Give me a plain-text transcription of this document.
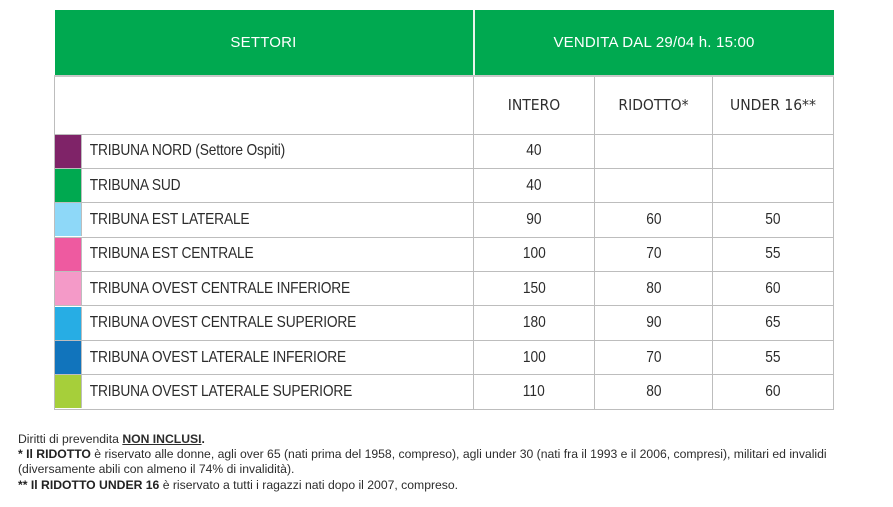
SETTORI	VENDITA DAL 29/04 h. 15:00		
	INTERO	RIDOTTO*	UNDER 16**

TRIBUNA NORD (Settore Ospiti)	40		

TRIBUNA SUD	40		

TRIBUNA EST LATERALE	90	60	50

TRIBUNA EST CENTRALE	100	70	55

TRIBUNA OVEST CENTRALE INFERIORE	150	80	60

TRIBUNA OVEST CENTRALE SUPERIORE	180	90	65

TRIBUNA OVEST LATERALE INFERIORE	100	70	55

TRIBUNA OVEST LATERALE SUPERIORE	110	80	60
Diritti di prevendita NON INCLUSI.
* Il RIDOTTO è riservato alle donne, agli over 65 (nati prima del 1958, compreso), agli under 30 (nati fra il 1993 e il 2006, compresi), militari ed invalidi (diversamente abili con almeno il 74% di invalidità).
** Il RIDOTTO UNDER 16 è riservato a tutti i ragazzi nati dopo il 2007, compreso.
